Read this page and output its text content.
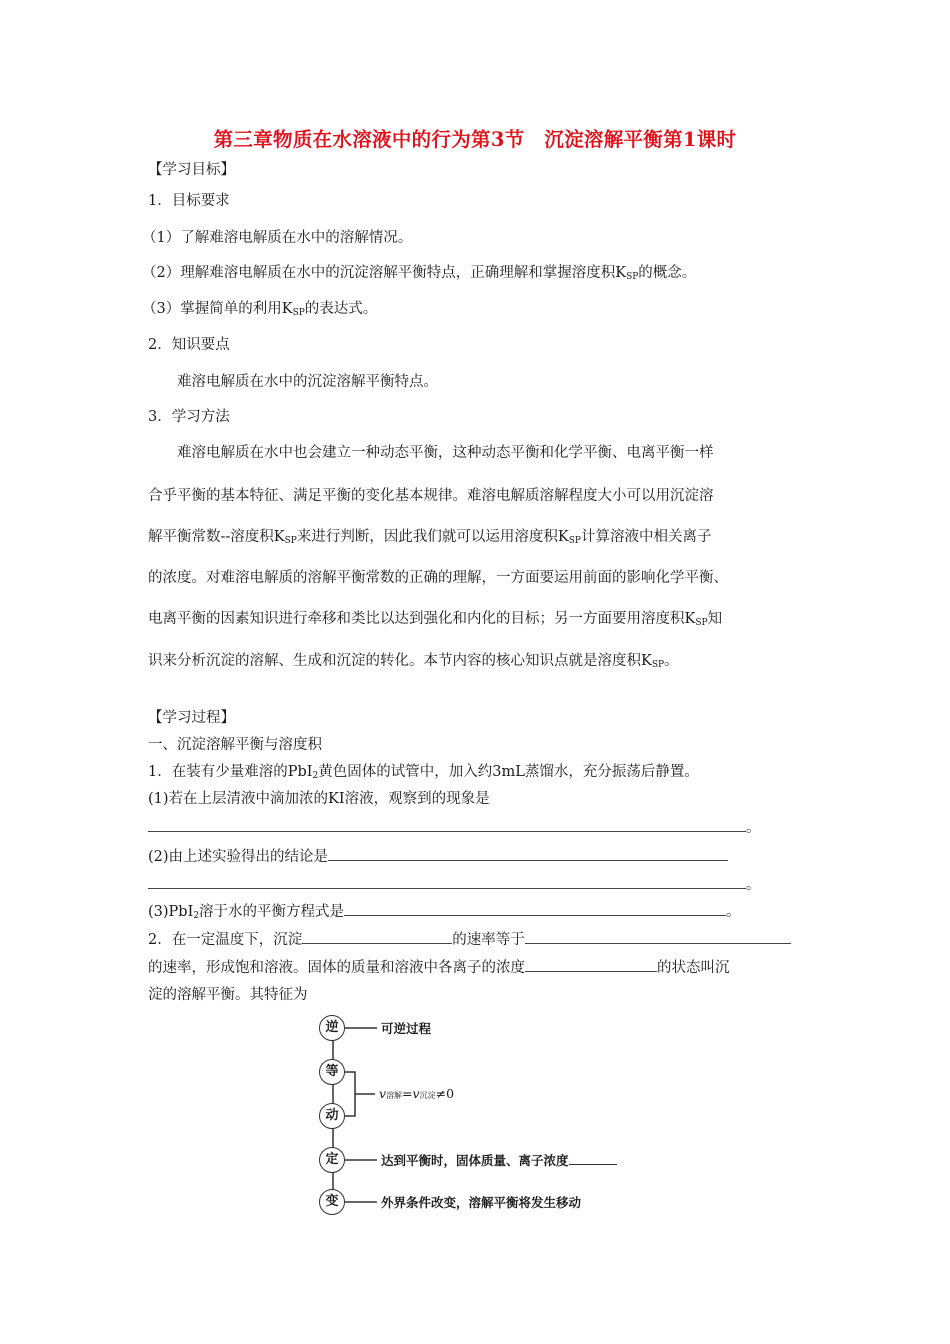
第三章物质在水溶液中的行为第3节　沉淀溶解平衡第1课时
【学习目标】
1．目标要求
（1）了解难溶电解质在水中的溶解情况。
（2）理解难溶电解质在水中的沉淀溶解平衡特点，正确理解和掌握溶度积$K_{SP}$的概念。
（3）掌握简单的利用$K_{SP}$的表达式。
2．知识要点
难溶电解质在水中的沉淀溶解平衡特点。
3．学习方法
难溶电解质在水中也会建立一种动态平衡，这种动态平衡和化学平衡、电离平衡一样
合乎平衡的基本特征、满足平衡的变化基本规律。难溶电解质溶解程度大小可以用沉淀溶
解平衡常数--溶度积$K_{SP}$来进行判断，因此我们就可以运用溶度积$K_{SP}$计算溶液中相关离子
的浓度。对难溶电解质的溶解平衡常数的正确的理解，一方面要运用前面的影响化学平衡、
电离平衡的因素知识进行牵移和类比以达到强化和内化的目标；另一方面要用溶度积$K_{SP}$知
识来分析沉淀的溶解、生成和沉淀的转化。本节内容的核心知识点就是溶度积$K_{SP}$。
【学习过程】
一、沉淀溶解平衡与溶度积
1．在装有少量难溶的PbI$_2$黄色固体的试管中，加入约3mL蒸馏水，充分振荡后静置。
(1)若在上层清液中滴加浓的KI溶液，观察到的现象是
。
(2)由上述实验得出的结论是
。
(3)PbI$_2$溶于水的平衡方程式是	。
2．在一定温度下，沉淀	的速率等于
的速率，形成饱和溶液。固体的质量和溶液中各离子的浓度	的状态叫沉
淀的溶解平衡。其特征为
逆
等
动
定
变
可逆过程
v溶解=v沉淀≠0
达到平衡时，固体质量、离子浓度
外界条件改变，溶解平衡将发生移动
